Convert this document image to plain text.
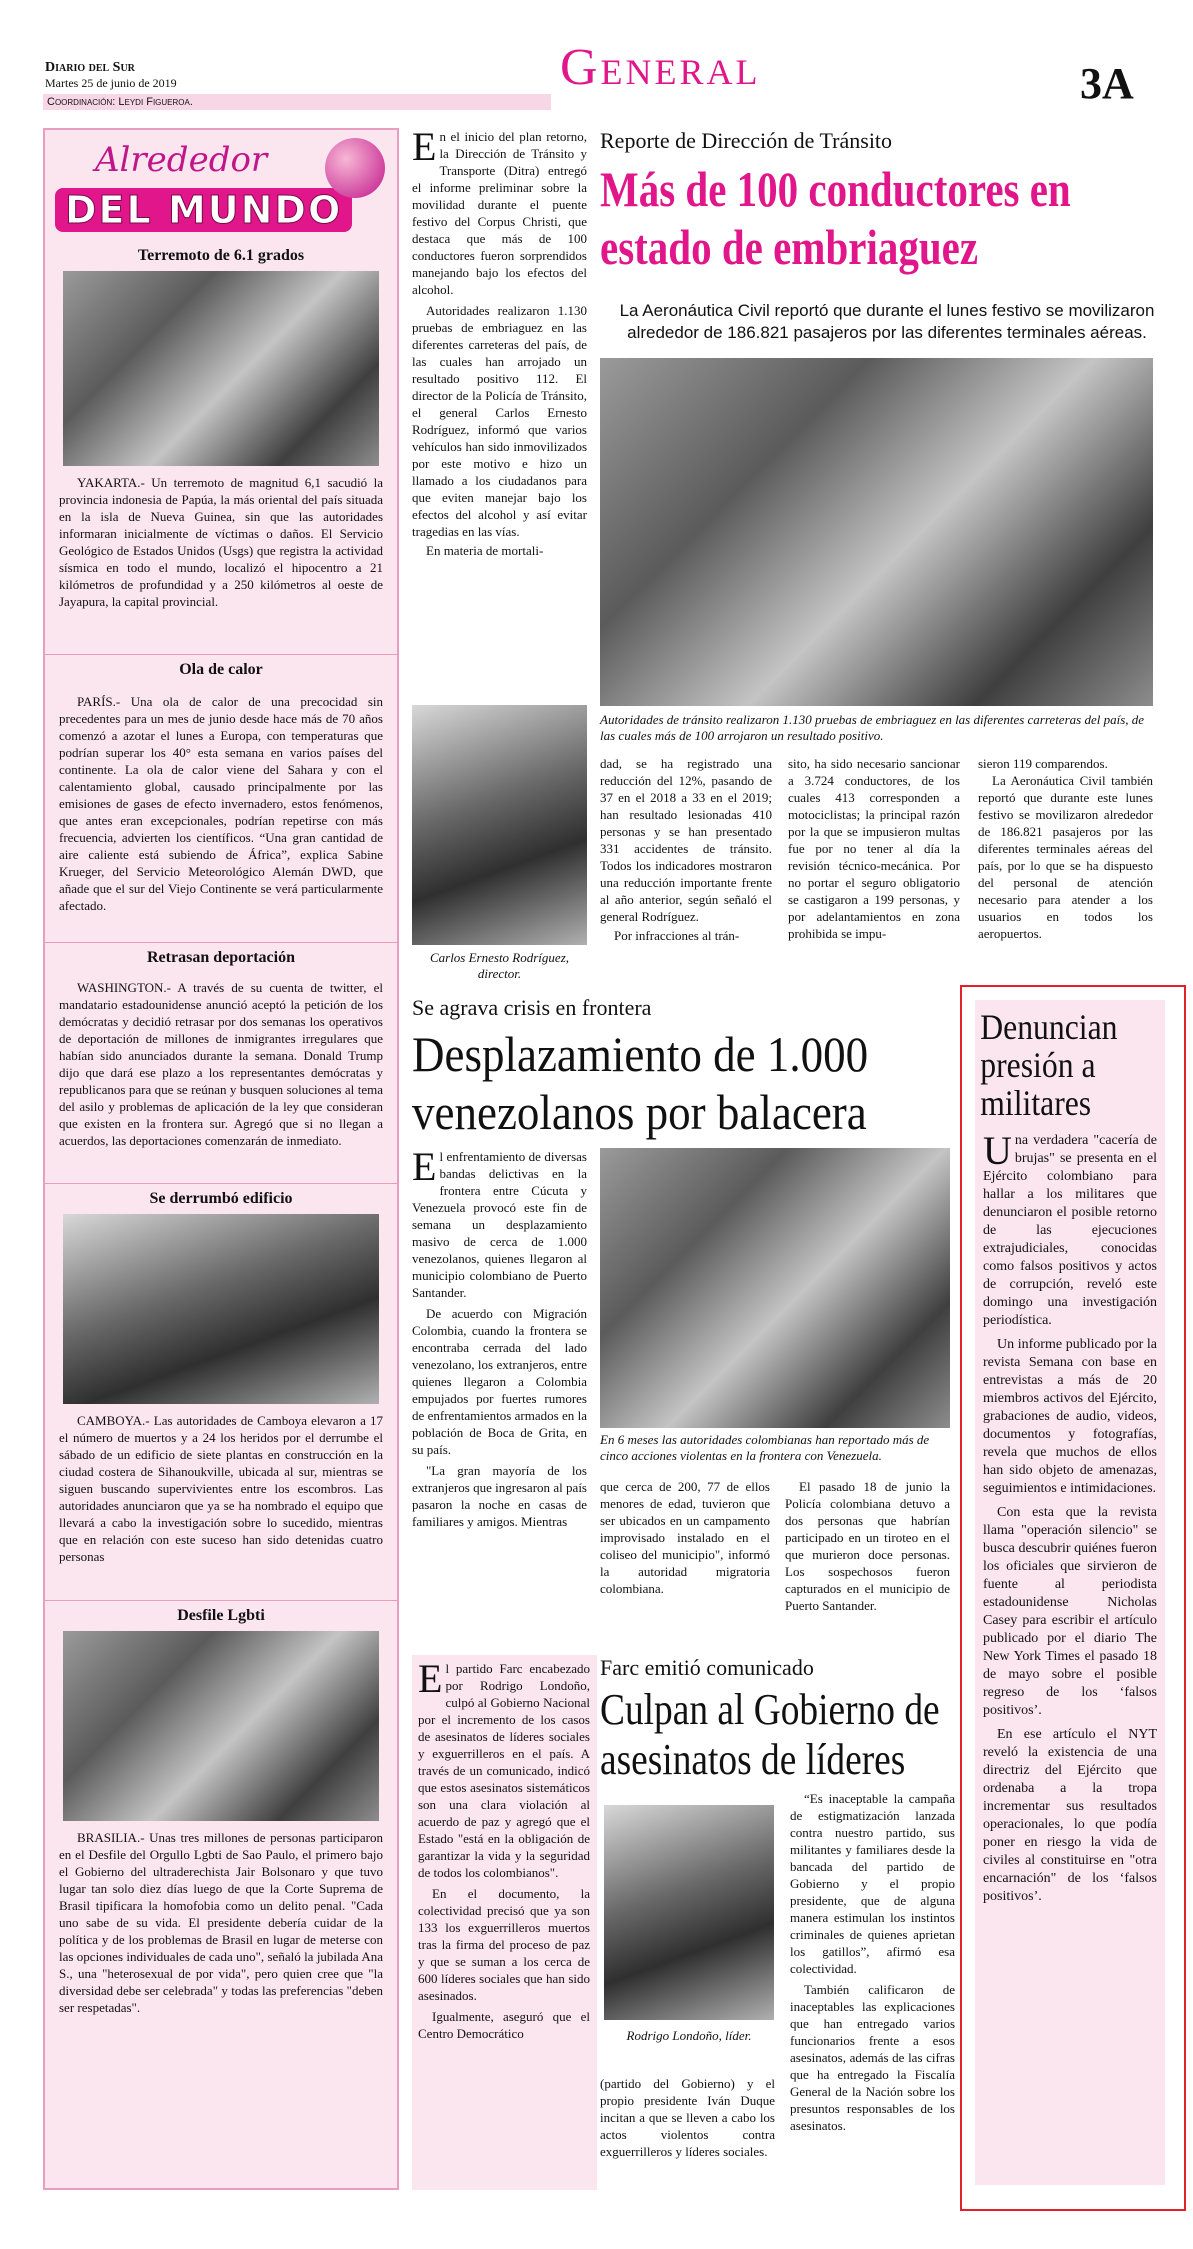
Diario del Sur
Martes 25 de junio de 2019
Coordinación: Leydi Figueroa.
General	3A
Alrededor
DEL MUNDO
Terremoto de 6.1 grados

YAKARTA.- Un terremoto de magnitud 6,1 sacudió la provincia indonesia de Papúa, la más oriental del país situada en la isla de Nueva Guinea, sin que las autoridades informaran inicialmente de víctimas o daños. El Servicio Geológico de Estados Unidos (Usgs) que registra la actividad sísmica en todo el mundo, localizó el hipocentro a 21 kilómetros de profundidad y a 250 kilómetros al oeste de Jayapura, la capital provincial.

Ola de calor

PARÍS.- Una ola de calor de una precocidad sin precedentes para un mes de junio desde hace más de 70 años comenzó a azotar el lunes a Europa, con temperaturas que podrían superar los 40° esta semana en varios países del continente. La ola de calor viene del Sahara y con el calentamiento global, causado principalmente por las emisiones de gases de efecto invernadero, estos fenómenos, que antes eran excepcionales, podrían repetirse con más frecuencia, advierten los científicos. “Una gran cantidad de aire caliente está subiendo de África”, explica Sabine Krueger, del Servicio Meteorológico Alemán DWD, que añade que el sur del Viejo Continente se verá particularmente afectado.

Retrasan deportación

WASHINGTON.- A través de su cuenta de twitter, el mandatario estadounidense anunció aceptó la petición de los demócratas y decidió retrasar por dos semanas los operativos de deportación de millones de inmigrantes irregulares que habían sido anunciados durante la semana. Donald Trump dijo que dará ese plazo a los representantes demócratas y republicanos para que se reúnan y busquen soluciones al tema del asilo y problemas de aplicación de la ley que consideran que existen en la frontera sur. Agregó que si no llegan a acuerdos, las deportaciones comenzarán de inmediato.

Se derrumbó edificio

CAMBOYA.- Las autoridades de Camboya elevaron a 17 el número de muertos y a 24 los heridos por el derrumbe el sábado de un edificio de siete plantas en construcción en la ciudad costera de Sihanoukville, ubicada al sur, mientras se siguen buscando supervivientes entre los escombros. Las autoridades anunciaron que ya se ha nombrado el equipo que llevará a cabo la investigación sobre lo sucedido, mientras que en relación con este suceso han sido detenidas cuatro personas

Desfile Lgbti

BRASILIA.- Unas tres millones de personas participaron en el Desfile del Orgullo Lgbti de Sao Paulo, el primero bajo el Gobierno del ultraderechista Jair Bolsonaro y que tuvo lugar tan solo diez días luego de que la Corte Suprema de Brasil tipificara la homofobia como un delito penal. "Cada uno sabe de su vida. El presidente debería cuidar de la política y de los problemas de Brasil en lugar de meterse con las opciones individuales de cada uno", señaló la jubilada Ana S., una "heterosexual de por vida", pero quien cree que "la diversidad debe ser celebrada" y todas las preferencias "deben ser respetadas".

Reporte de Dirección de Tránsito
Más de 100 conductores en estado de embriaguez
La Aeronáutica Civil reportó que durante el lunes festivo se movilizaron alrededor de 186.821 pasajeros por las diferentes terminales aéreas.
E n el inicio del plan retorno, la Dirección de Tránsito y Transporte (Ditra) entregó el informe preliminar sobre la movilidad durante el puente festivo del Corpus Christi, que destaca que más de 100 conductores fueron sorprendidos manejando bajo los efectos del alcohol.

Autoridades realizaron 1.130 pruebas de embriaguez en las diferentes carreteras del país, de las cuales han arrojado un resultado positivo 112. El director de la Policía de Tránsito, el general Carlos Ernesto Rodríguez, informó que varios vehículos han sido inmovilizados por este motivo e hizo un llamado a los ciudadanos para que eviten manejar bajo los efectos del alcohol y así evitar tragedias en las vías.

En materia de mortali-

Carlos Ernesto Rodríguez, director.
Autoridades de tránsito realizaron 1.130 pruebas de embriaguez en las diferentes carreteras del país, de las cuales más de 100 arrojaron un resultado positivo.

dad, se ha registrado una reducción del 12%, pasando de 37 en el 2018 a 33 en el 2019; han resultado lesionadas 410 personas y se han presentado 331 accidentes de tránsito. Todos los indicadores mostraron una reducción importante frente al año anterior, según señaló el general Rodríguez.

Por infracciones al trán-

sito, ha sido necesario sancionar a 3.724 conductores, de los cuales 413 corresponden a motociclistas; la principal razón por la que se impusieron multas fue por no tener al día la revisión técnico-mecánica. Por no portar el seguro obligatorio se castigaron a 199 personas, y por adelantamientos en zona prohibida se impu-

sieron 119 comparendos.

La Aeronáutica Civil también reportó que durante este lunes festivo se movilizaron alrededor de 186.821 pasajeros por las diferentes terminales aéreas del país, por lo que se ha dispuesto del personal de atención necesario para atender a los usuarios en todos los aeropuertos.

Se agrava crisis en frontera
Desplazamiento de 1.000 venezolanos por balacera
E l enfrentamiento de diversas bandas delictivas en la frontera entre Cúcuta y Venezuela provocó este fin de semana un desplazamiento masivo de cerca de 1.000 venezolanos, quienes llegaron al municipio colombiano de Puerto Santander.

De acuerdo con Migración Colombia, cuando la frontera se encontraba cerrada del lado venezolano, los extranjeros, entre quienes llegaron a Colombia empujados por fuertes rumores de enfrentamientos armados en la población de Boca de Grita, en su país.

"La gran mayoría de los extranjeros que ingresaron al país pasaron la noche en casas de familiares y amigos. Mientras

En 6 meses las autoridades colombianas han reportado más de cinco acciones violentas en la frontera con Venezuela.
que cerca de 200, 77 de ellos menores de edad, tuvieron que ser ubicados en un campamento improvisado instalado en el coliseo del municipio", informó la autoridad migratoria colombiana.
El pasado 18 de junio la Policía colombiana detuvo a dos personas que habrían participado en un tiroteo en el que murieron doce personas. Los sospechosos fueron capturados en el municipio de Puerto Santander.
Farc emitió comunicado
Culpan al Gobierno de asesinatos de líderes
E l partido Farc encabezado por Rodrigo Londoño, culpó al Gobierno Nacional por el incremento de los casos de asesinatos de líderes sociales y exguerrilleros en el país. A través de un comunicado, indicó que estos asesinatos sistemáticos son una clara violación al acuerdo de paz y agregó que el Estado "está en la obligación de garantizar la vida y la seguridad de todos los colombianos".

En el documento, la colectividad precisó que ya son 133 los exguerrilleros muertos tras la firma del proceso de paz y que se suman a los cerca de 600 líderes sociales que han sido asesinados.

Igualmente, aseguró que el Centro Democrático	Rodrigo Londoño, líder.
(partido del Gobierno) y el propio presidente Iván Duque incitan a que se lleven a cabo los actos violentos contra exguerrilleros y líderes sociales.

“Es inaceptable la campaña de estigmatización lanzada contra nuestro partido, sus militantes y familiares desde la bancada del partido de Gobierno y el propio presidente, que de alguna manera estimulan los instintos criminales de quienes aprietan los gatillos”, afirmó esa colectividad.

También calificaron de inaceptables las explicaciones que han entregado varios funcionarios frente a esos asesinatos, además de las cifras que ha entregado la Fiscalía General de la Nación sobre los presuntos responsables de los asesinatos.

Denuncian presión a militares
U na verdadera "cacería de brujas" se presenta en el Ejército colombiano para hallar a los militares que denunciaron el posible retorno de las ejecuciones extrajudiciales, conocidas como falsos positivos y actos de corrupción, reveló este domingo una investigación periodística.

Un informe publicado por la revista Semana con base en entrevistas a más de 20 miembros activos del Ejército, grabaciones de audio, videos, documentos y fotografías, revela que muchos de ellos han sido objeto de amenazas, seguimientos e intimidaciones.

Con esta que la revista llama "operación silencio" se busca descubrir quiénes fueron los oficiales que sirvieron de fuente al periodista estadounidense Nicholas Casey para escribir el artículo publicado por el diario The New York Times el pasado 18 de mayo sobre el posible regreso de los ‘falsos positivos’.

En ese artículo el NYT reveló la existencia de una directriz del Ejército que ordenaba a la tropa incrementar sus resultados operacionales, lo que podía poner en riesgo la vida de civiles al constituirse en "otra encarnación" de los ‘falsos positivos’.
